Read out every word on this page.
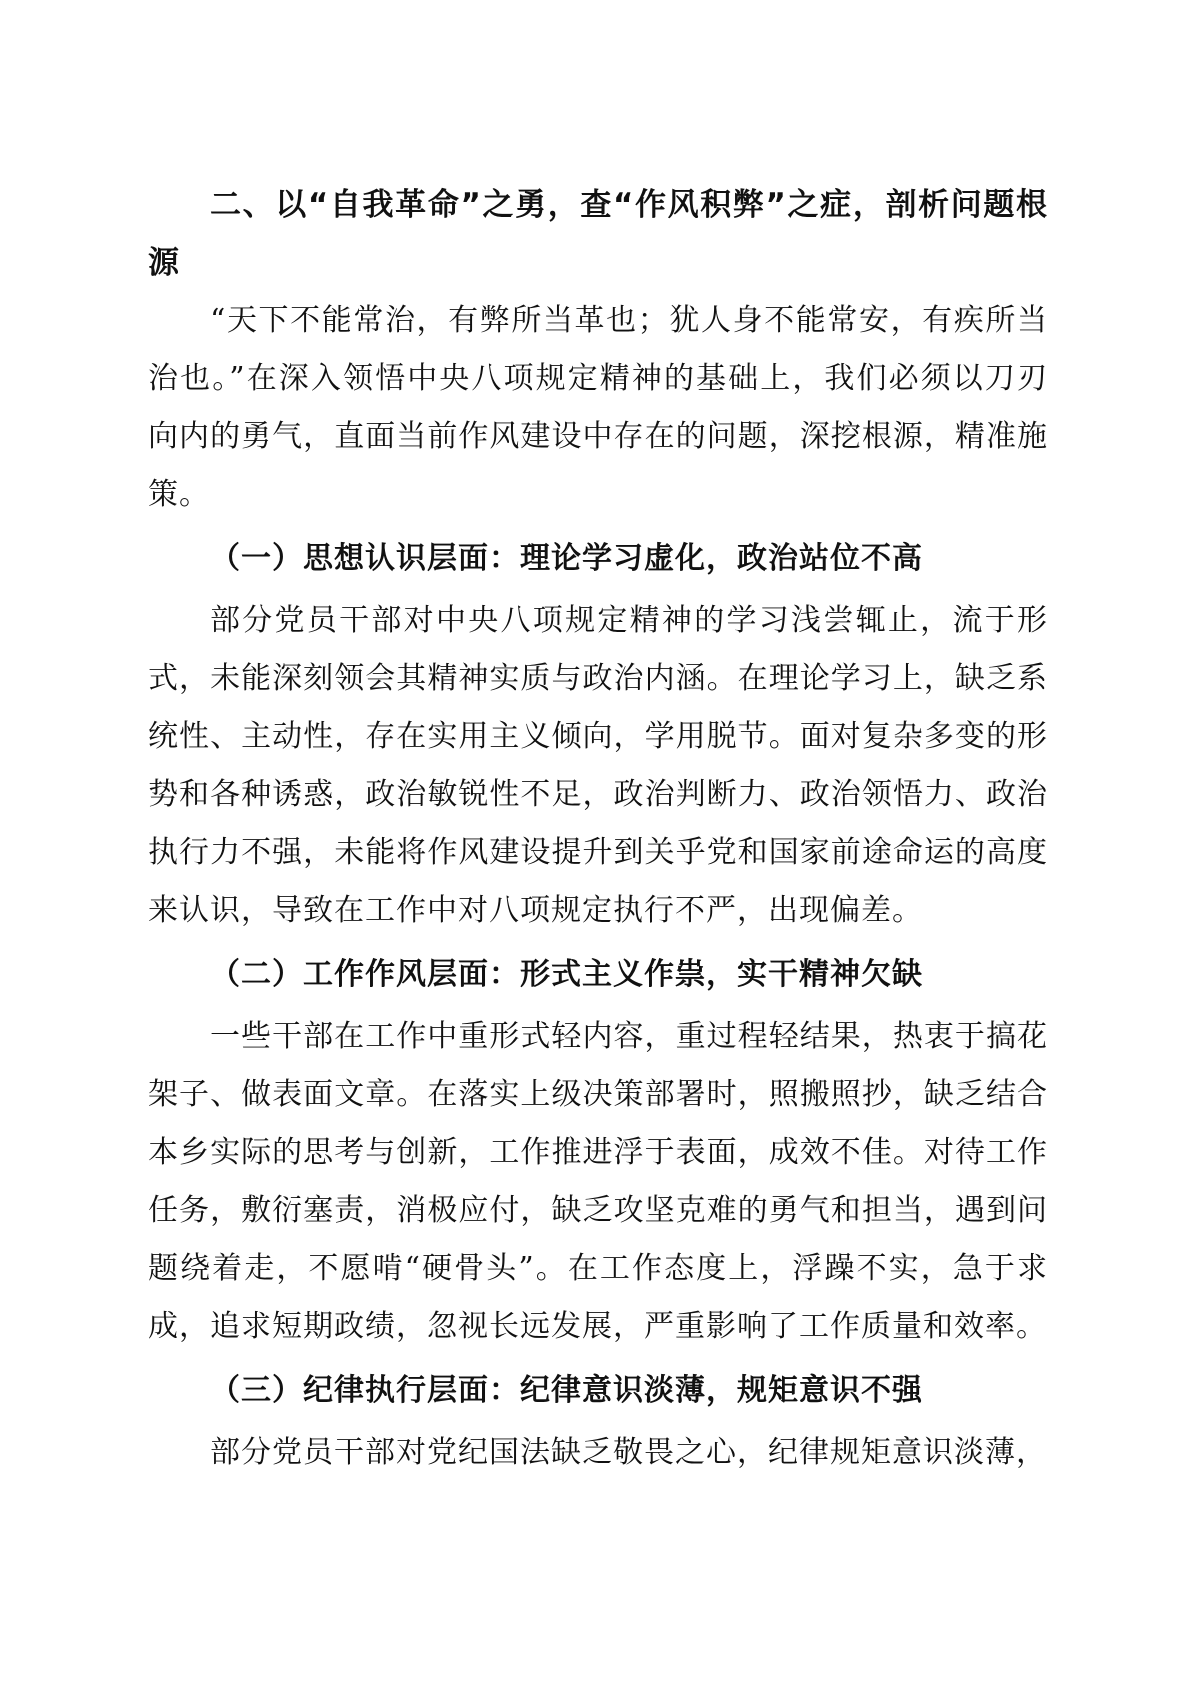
二、以“自我革命”之勇，查“作风积弊”之症，剖析问题根源

“天下不能常治，有弊所当革也；犹人身不能常安，有疾所当治也。”在深入领悟中央八项规定精神的基础上，我们必须以刀刃向内的勇气，直面当前作风建设中存在的问题，深挖根源，精准施策。

（一）思想认识层面：理论学习虚化，政治站位不高

部分党员干部对中央八项规定精神的学习浅尝辄止，流于形式，未能深刻领会其精神实质与政治内涵。在理论学习上，缺乏系统性、主动性，存在实用主义倾向，学用脱节。面对复杂多变的形势和各种诱惑，政治敏锐性不足，政治判断力、政治领悟力、政治执行力不强，未能将作风建设提升到关乎党和国家前途命运的高度来认识，导致在工作中对八项规定执行不严，出现偏差。

（二）工作作风层面：形式主义作祟，实干精神欠缺

一些干部在工作中重形式轻内容，重过程轻结果，热衷于搞花架子、做表面文章。在落实上级决策部署时，照搬照抄，缺乏结合本乡实际的思考与创新，工作推进浮于表面，成效不佳。对待工作任务，敷衍塞责，消极应付，缺乏攻坚克难的勇气和担当，遇到问题绕着走，不愿啃“硬骨头”。在工作态度上，浮躁不实，急于求成，追求短期政绩，忽视长远发展，严重影响了工作质量和效率。

（三）纪律执行层面：纪律意识淡薄，规矩意识不强

部分党员干部对党纪国法缺乏敬畏之心，纪律规矩意识淡薄，
